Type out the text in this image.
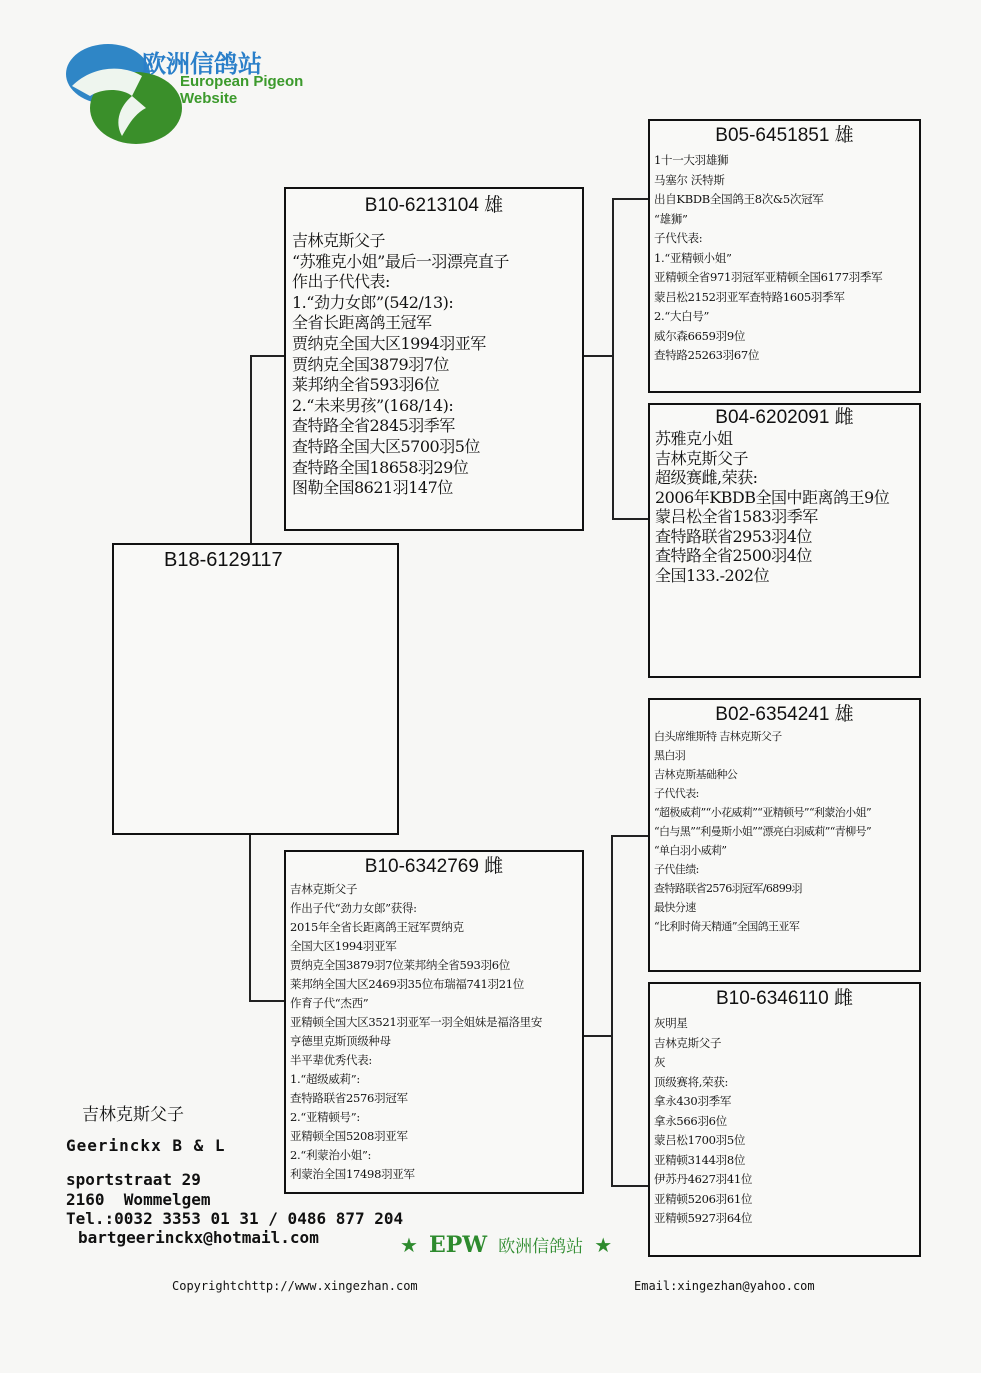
欧洲信鸽站
European Pigeon
Website
B18-6129117
B10-6213104 雄
吉林克斯父子
“苏雅克小姐”最后一羽漂亮直子
作出子代代表:
1.“劲力女郎”(542/13):
全省长距离鸽王冠军
贾纳克全国大区1994羽亚军
贾纳克全国3879羽7位
莱邦纳全省593羽6位
2.“未来男孩”(168/14):
查特路全省2845羽季军
查特路全国大区5700羽5位
查特路全国18658羽29位
图勒全国8621羽147位
B10-6342769 雌
吉林克斯父子
作出子代“劲力女郎”获得:
2015年全省长距离鸽王冠军贾纳克
全国大区1994羽亚军
贾纳克全国3879羽7位莱邦纳全省593羽6位
莱邦纳全国大区2469羽35位布瑞福741羽21位
作育子代“杰西”
亚精顿全国大区3521羽亚军一羽全姐妹是福洛里安
亨德里克斯顶级种母
半平辈优秀代表:
1.“超级威莉”:
查特路联省2576羽冠军
2.“亚精顿号”:
亚精顿全国5208羽亚军
2.“利蒙治小姐”:
利蒙治全国17498羽亚军
B05-6451851 雄
1十一大羽雄狮
马塞尔 沃特斯
出自KBDB全国鸽王8次&5次冠军
“雄狮”
子代代表:
1.“亚精顿小姐”
亚精顿全省971羽冠军亚精顿全国6177羽季军
蒙吕松2152羽亚军查特路1605羽季军
2.“大白号”
威尔森6659羽9位
查特路25263羽67位
B04-6202091 雌
苏雅克小姐
吉林克斯父子
超级赛雌,荣获:
2006年KBDB全国中距离鸽王9位
蒙吕松全省1583羽季军
查特路联省2953羽4位
查特路全省2500羽4位
全国133.-202位
B02-6354241 雄
白头席维斯特 吉林克斯父子
黑白羽
吉林克斯基础种公
子代代表:
“超极威莉”“小花威莉”“亚精顿号”“利蒙治小姐”
“白与黑”“利曼斯小姐”“漂亮白羽威莉”“青柳号”
“单白羽小威莉”
子代佳绩:
查特路联省2576羽冠军/6899羽
最快分速
“比利时倚天精通”全国鸽王亚军
B10-6346110 雌
灰明星
吉林克斯父子
灰
顶级赛将,荣获:
拿永430羽季军
拿永566羽6位
蒙吕松1700羽5位
亚精顿3144羽8位
伊苏丹4627羽41位
亚精顿5206羽61位
亚精顿5927羽64位
吉林克斯父子
Geerinckx B & L
sportstraat 29
2160  Wommelgem
Tel.:0032 3353 01 31 / 0486 877 204
bartgeerinckx@hotmail.com	★ EPW 欧洲信鸽站 ★
Copyrightchttp://www.xingezhan.com	Email:xingezhan@yahoo.com
